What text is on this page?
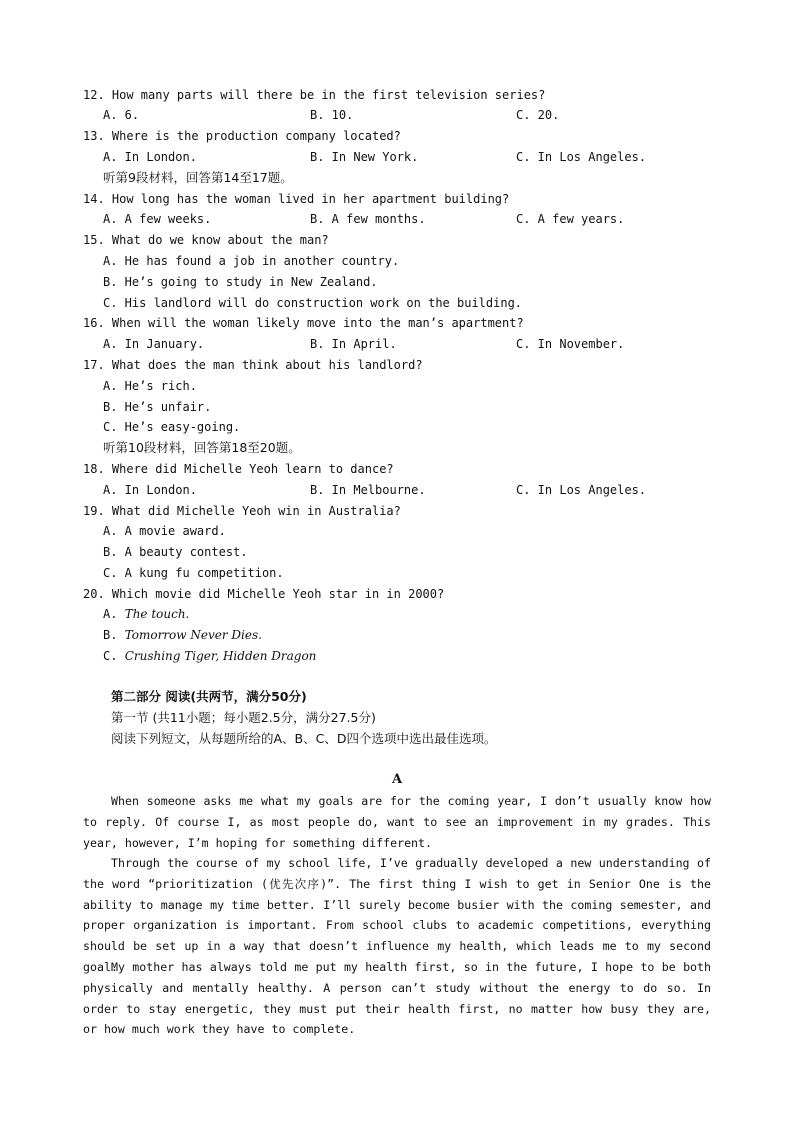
12. How many parts will there be in the first television series?
A. 6.	B. 10.	C. 20.
13. Where is the production company located?
A. In London.	B. In New York.	C. In Los Angeles.
听第9段材料，回答第14至17题。
14. How long has the woman lived in her apartment building?
A. A few weeks.	B. A few months.	C. A few years.
15. What do we know about the man?
A. He has found a job in another country.
B. He’s going to study in New Zealand.
C. His landlord will do construction work on the building.
16. When will the woman likely move into the man’s apartment?
A. In January.	B. In April.	C. In November.
17. What does the man think about his landlord?
A. He’s rich.
B. He’s unfair.
C. He’s easy-going.
听第10段材料，回答第18至20题。
18. Where did Michelle Yeoh learn to dance?
A. In London.	B. In Melbourne.	C. In Los Angeles.
19. What did Michelle Yeoh win in Australia?
A. A movie award.
B. A beauty contest.
C. A kung fu competition.
20. Which movie did Michelle Yeoh star in in 2000?
A. The touch.
B. Tomorrow Never Dies.
C. Crushing Tiger, Hidden Dragon
第二部分 阅读(共两节，满分50分)
第一节 (共11小题；每小题2.5分，满分27.5分)
阅读下列短文，从每题所给的A、B、C、D四个选项中选出最佳选项。
A
When someone asks me what my goals are for the coming year, I don’t usually know how to reply. Of course I, as most people do, want to see an improvement in my grades. This year, however, I’m hoping for something different.
Through the course of my school life, I’ve gradually developed a new understanding of the word “prioritization (优先次序)”. The first thing I wish to get in Senior One is the ability to manage my time better. I’ll surely become busier with the coming semester, and proper organization is important. From school clubs to academic competitions, everything should be set up in a way that doesn’t influence my health, which leads me to my second goal.
My mother has always told me put my health first, so in the future, I hope to be both physically and mentally healthy. A person can’t study without the energy to do so. In order to stay energetic, they must put their health first, no matter how busy they are, or how much work they have to complete.
